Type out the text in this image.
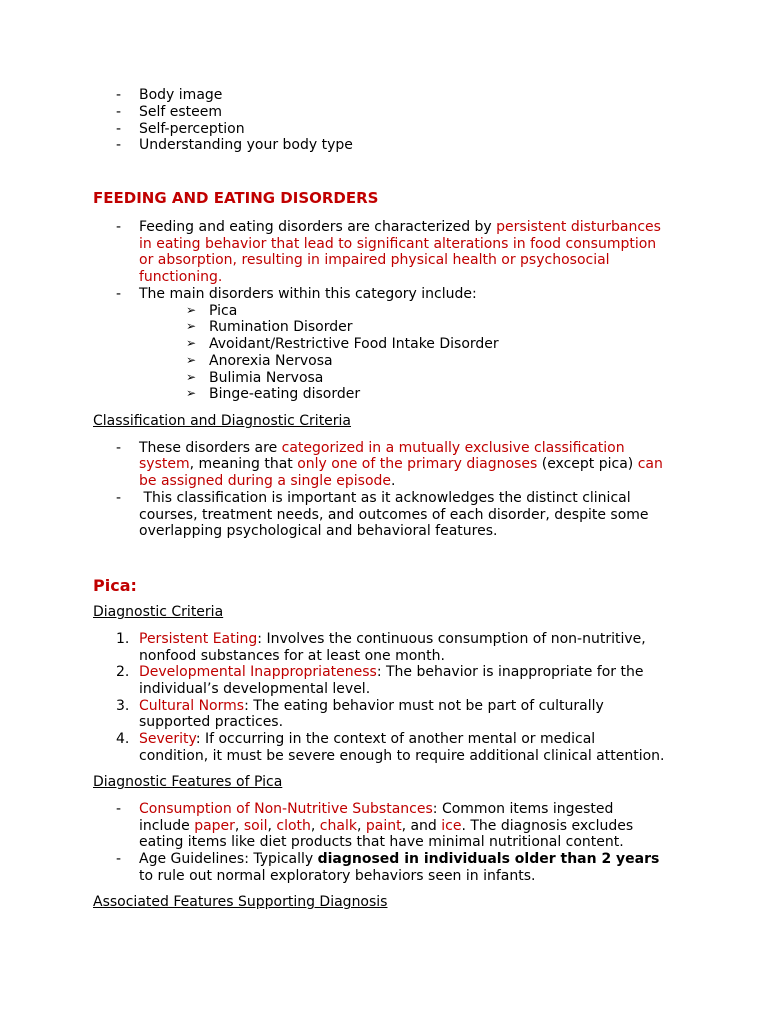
- Body image
- Self esteem
- Self-perception
- Understanding your body type
FEEDING AND EATING DISORDERS
- Feeding and eating disorders are characterized by persistent disturbances
in eating behavior that lead to significant alterations in food consumption
or absorption, resulting in impaired physical health or psychosocial
functioning.
- The main disorders within this category include:
➢ Pica
➢ Rumination Disorder
➢ Avoidant/Restrictive Food Intake Disorder
➢ Anorexia Nervosa
➢ Bulimia Nervosa
➢ Binge-eating disorder
Classification and Diagnostic Criteria
- These disorders are categorized in a mutually exclusive classification
system, meaning that only one of the primary diagnoses (except pica) can
be assigned during a single episode.
- This classification is important as it acknowledges the distinct clinical
courses, treatment needs, and outcomes of each disorder, despite some
overlapping psychological and behavioral features.
Pica:
Diagnostic Criteria
1. Persistent Eating: Involves the continuous consumption of non-nutritive,
nonfood substances for at least one month.
2. Developmental Inappropriateness: The behavior is inappropriate for the
individual’s developmental level.
3. Cultural Norms: The eating behavior must not be part of culturally
supported practices.
4. Severity: If occurring in the context of another mental or medical
condition, it must be severe enough to require additional clinical attention.
Diagnostic Features of Pica
- Consumption of Non-Nutritive Substances: Common items ingested
include paper, soil, cloth, chalk, paint, and ice. The diagnosis excludes
eating items like diet products that have minimal nutritional content.
- Age Guidelines: Typically diagnosed in individuals older than 2 years
to rule out normal exploratory behaviors seen in infants.
Associated Features Supporting Diagnosis
